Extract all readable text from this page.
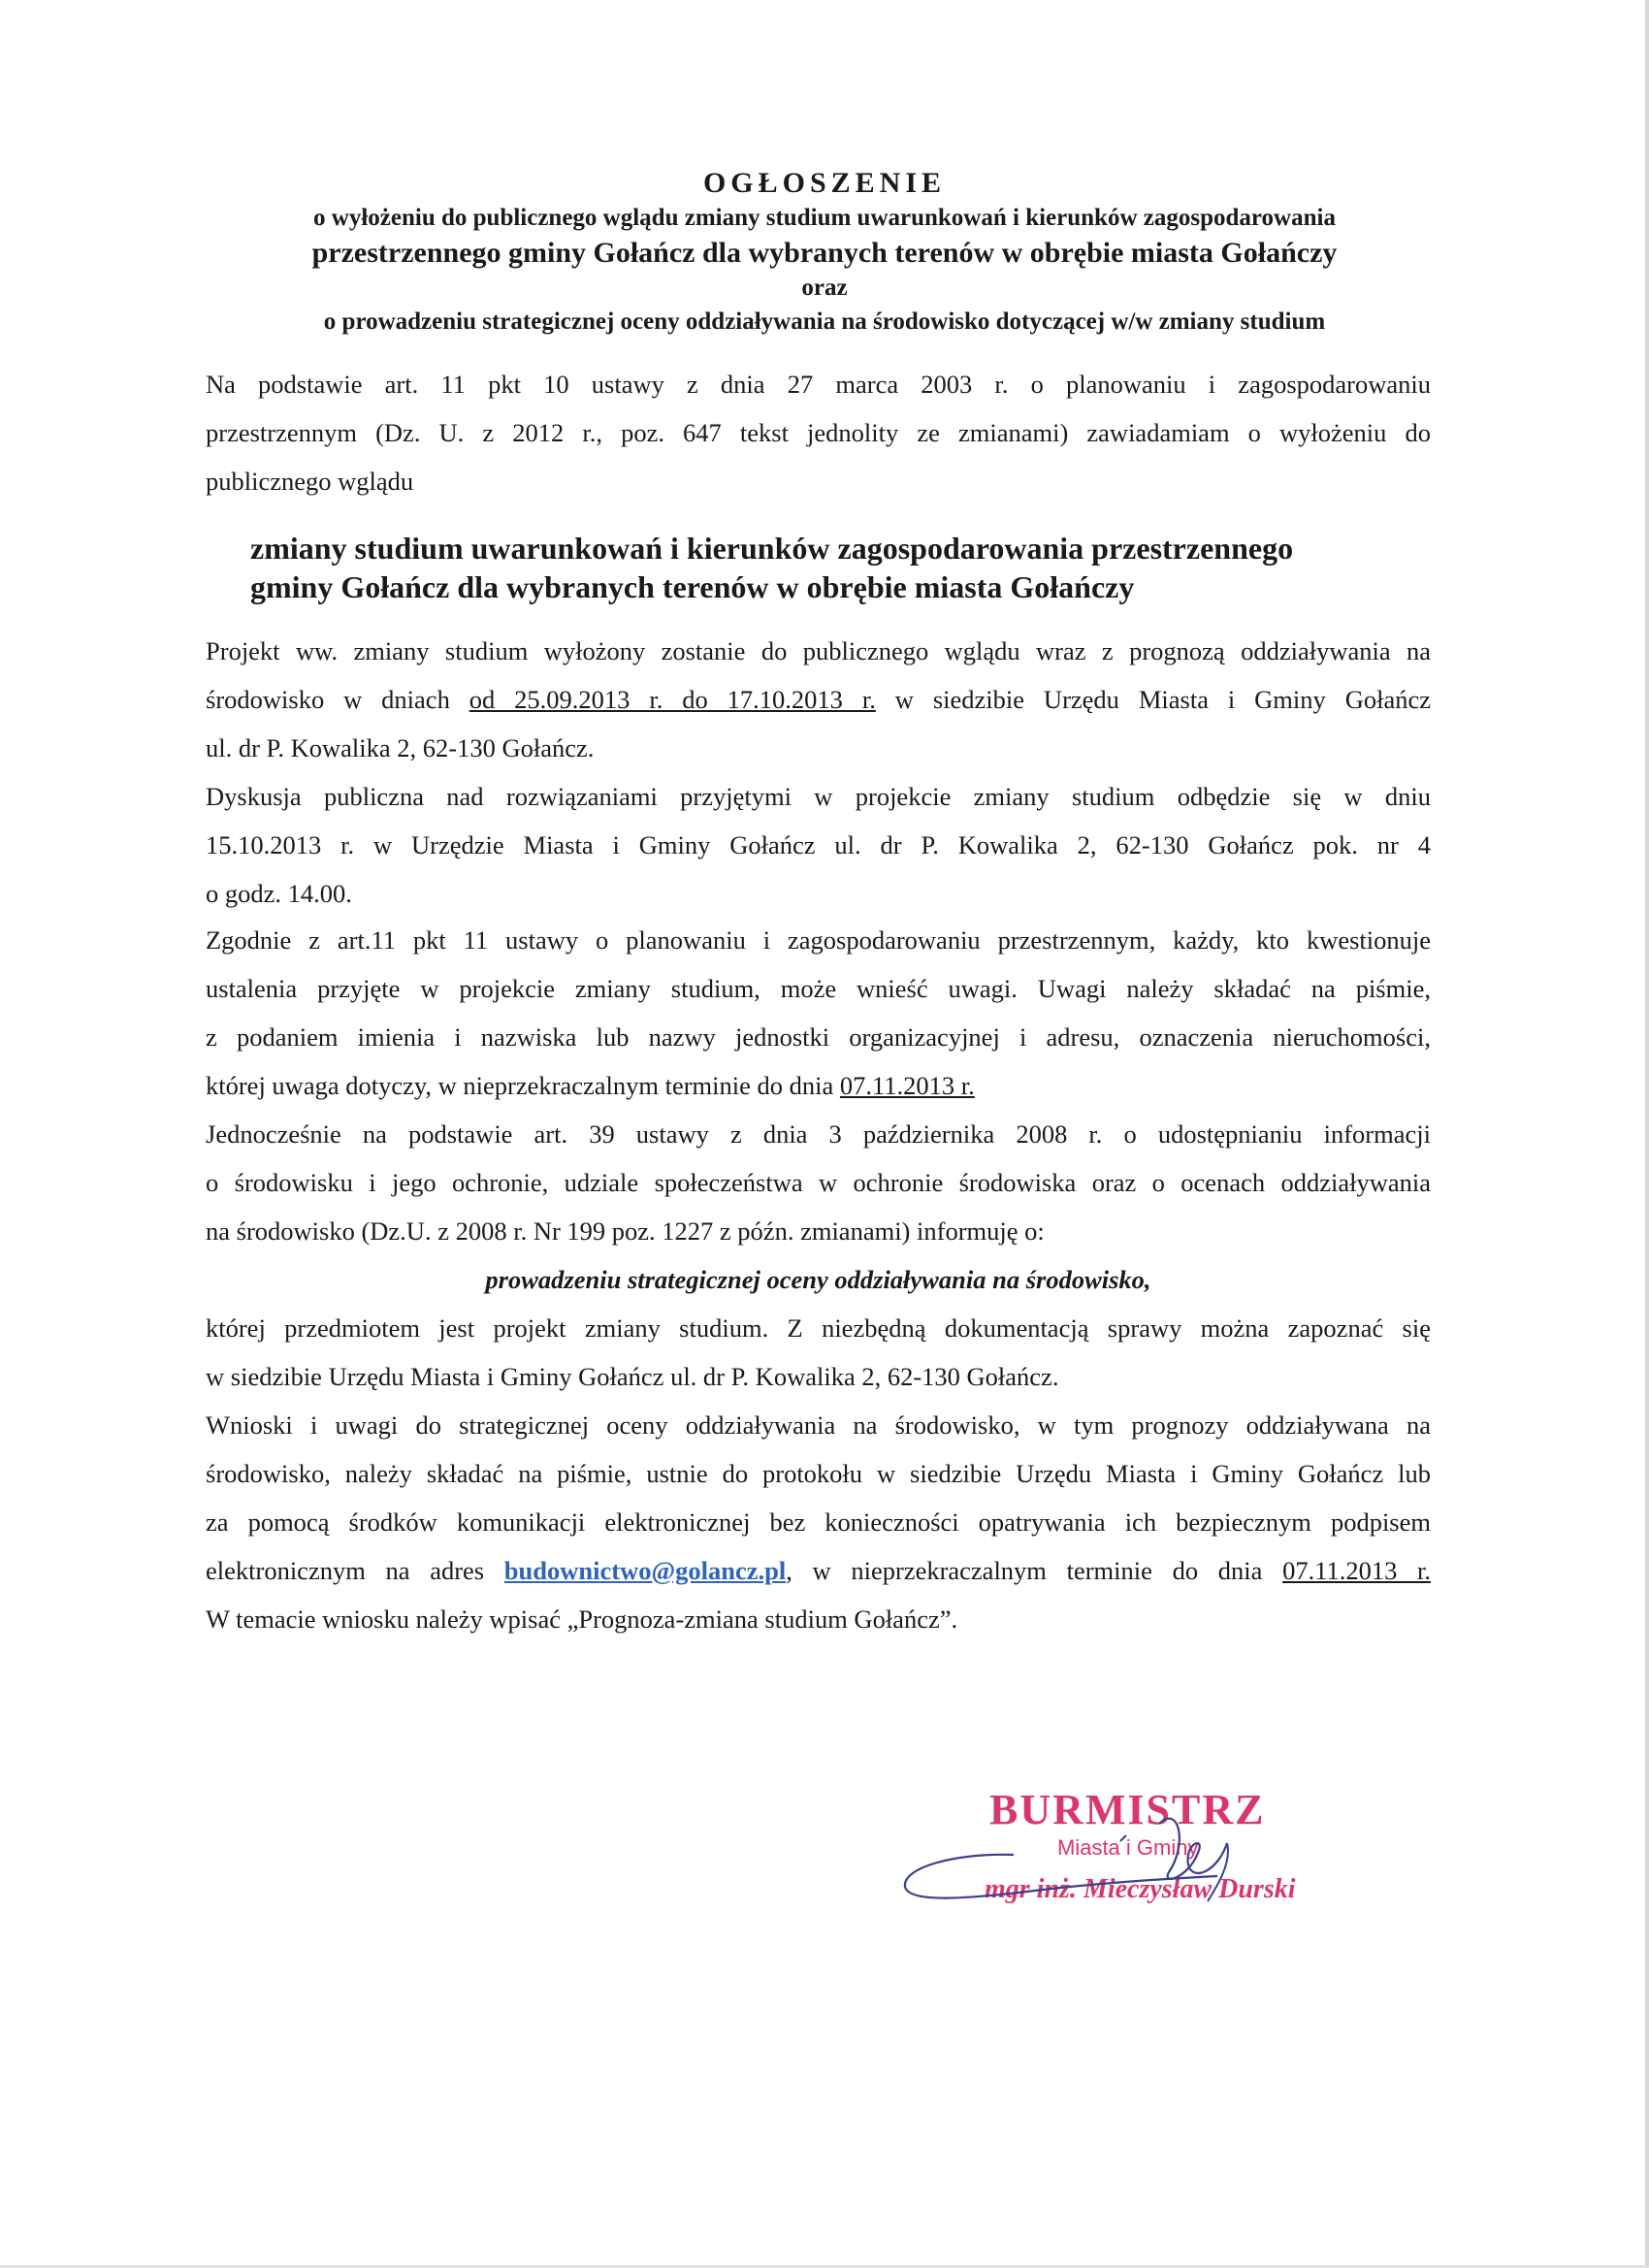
OGŁOSZENIE
o wyłożeniu do publicznego wglądu zmiany studium uwarunkowań i kierunków zagospodarowania
przestrzennego gminy Gołańcz dla wybranych terenów w obrębie miasta Gołańczy
oraz
o prowadzeniu strategicznej oceny oddziaływania na środowisko dotyczącej w/w zmiany studium
Na podstawie art. 11 pkt 10 ustawy z dnia 27 marca 2003 r. o planowaniu i zagospodarowaniu
przestrzennym (Dz. U. z 2012 r., poz. 647 tekst jednolity ze zmianami) zawiadamiam o wyłożeniu do
publicznego wglądu
zmiany studium uwarunkowań i kierunków zagospodarowania przestrzennego
gminy Gołańcz dla wybranych terenów w obrębie miasta Gołańczy
Projekt ww. zmiany studium wyłożony zostanie do publicznego wglądu wraz z prognozą oddziaływania na
środowisko w dniach od 25.09.2013 r. do 17.10.2013 r. w siedzibie Urzędu Miasta i Gminy Gołańcz
ul. dr P. Kowalika 2, 62-130 Gołańcz.
Dyskusja publiczna nad rozwiązaniami przyjętymi w projekcie zmiany studium odbędzie się w dniu
15.10.2013 r. w Urzędzie Miasta i Gminy Gołańcz ul. dr P. Kowalika 2, 62-130 Gołańcz pok. nr 4
o godz. 14.00.
Zgodnie z art.11 pkt 11 ustawy o planowaniu i zagospodarowaniu przestrzennym, każdy, kto kwestionuje
ustalenia przyjęte w projekcie zmiany studium, może wnieść uwagi. Uwagi należy składać na piśmie,
z podaniem imienia i nazwiska lub nazwy jednostki organizacyjnej i adresu, oznaczenia nieruchomości,
której uwaga dotyczy, w nieprzekraczalnym terminie do dnia 07.11.2013 r.
Jednocześnie na podstawie art. 39 ustawy z dnia 3 października 2008 r. o udostępnianiu informacji
o środowisku i jego ochronie, udziale społeczeństwa w ochronie środowiska oraz o ocenach oddziaływania
na środowisko (Dz.U. z 2008 r. Nr 199 poz. 1227 z późn. zmianami) informuję o:
prowadzeniu strategicznej oceny oddziaływania na środowisko,
której przedmiotem jest projekt zmiany studium. Z niezbędną dokumentacją sprawy można zapoznać się
w siedzibie Urzędu Miasta i Gminy Gołańcz ul. dr P. Kowalika 2, 62-130 Gołańcz.
Wnioski i uwagi do strategicznej oceny oddziaływania na środowisko, w tym prognozy oddziaływana na
środowisko, należy składać na piśmie, ustnie do protokołu w siedzibie Urzędu Miasta i Gminy Gołańcz lub
za pomocą środków komunikacji elektronicznej bez konieczności opatrywania ich bezpiecznym podpisem
elektronicznym na adres budownictwo@golancz.pl, w nieprzekraczalnym terminie do dnia 07.11.2013 r.
W temacie wniosku należy wpisać „Prognoza-zmiana studium Gołańcz”.
BURMISTRZ
Miasta i Gminy
mgr inż. Mieczysław Durski
